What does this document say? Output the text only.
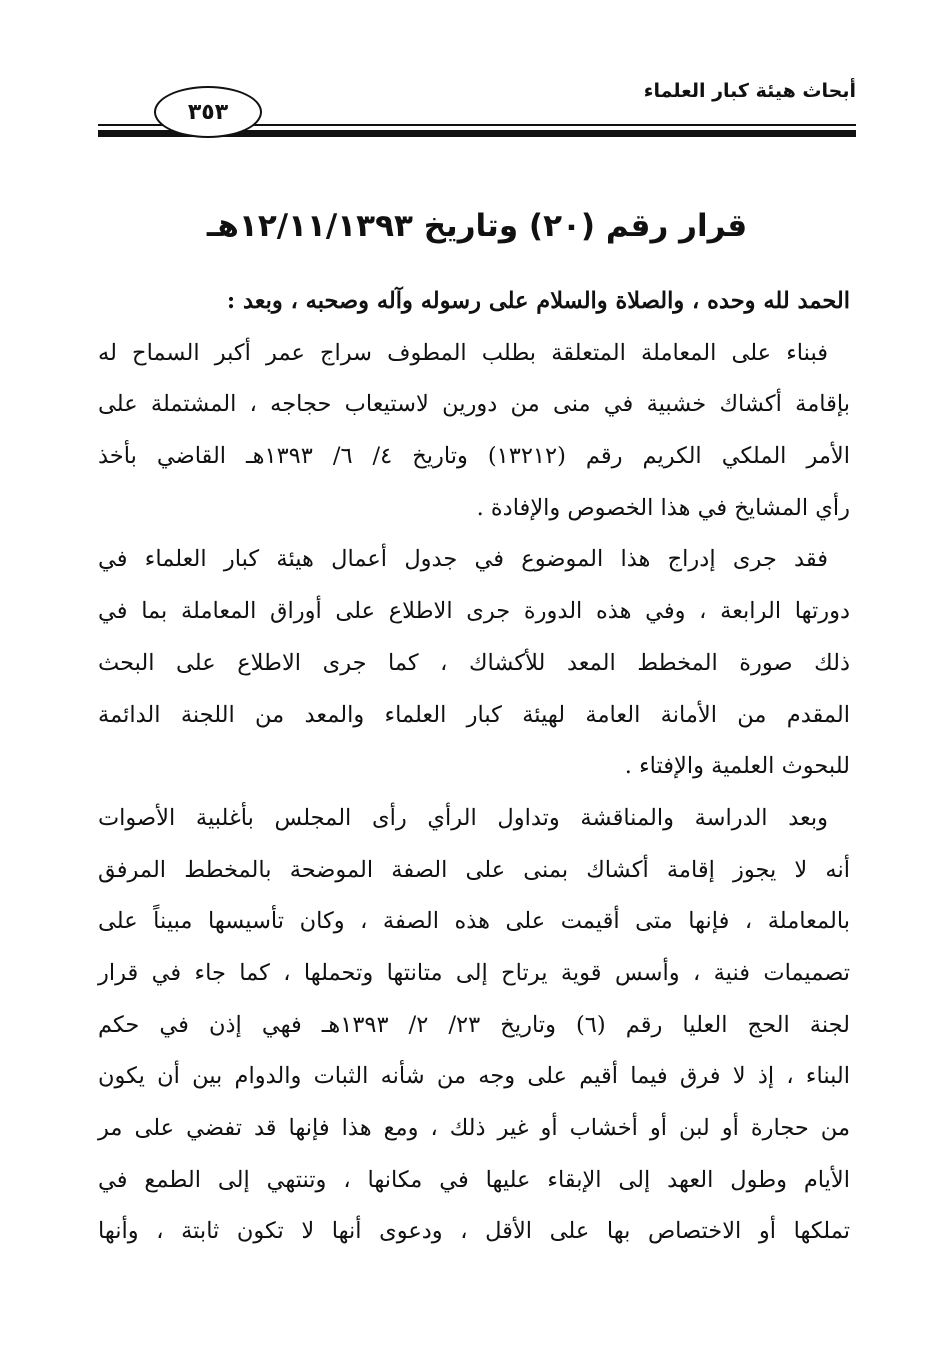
أبحاث هيئة كبار العلماء
٣٥٣
قرار رقم (٢٠) وتاريخ ١٢/١١/١٣٩٣هـ
الحمد لله وحده ، والصلاة والسلام على رسوله وآله وصحبه ، وبعد :
فبناء على المعاملة المتعلقة بطلب المطوف سراج عمر أكبر السماح له
بإقامة أكشاك خشبية في منى من دورين لاستيعاب حجاجه ، المشتملة على
الأمر الملكي الكريم رقم (١٣٢١٢) وتاريخ ٤/ ٦/ ١٣٩٣هـ القاضي بأخذ
رأي المشايخ في هذا الخصوص والإفادة .
فقد جرى إدراج هذا الموضوع في جدول أعمال هيئة كبار العلماء في
دورتها الرابعة ، وفي هذه الدورة جرى الاطلاع على أوراق المعاملة بما في
ذلك صورة المخطط المعد للأكشاك ، كما جرى الاطلاع على البحث
المقدم من الأمانة العامة لهيئة كبار العلماء والمعد من اللجنة الدائمة
للبحوث العلمية والإفتاء .
وبعد الدراسة والمناقشة وتداول الرأي رأى المجلس بأغلبية الأصوات
أنه لا يجوز إقامة أكشاك بمنى على الصفة الموضحة بالمخطط المرفق
بالمعاملة ، فإنها متى أقيمت على هذه الصفة ، وكان تأسيسها مبيناً على
تصميمات فنية ، وأسس قوية يرتاح إلى متانتها وتحملها ، كما جاء في قرار
لجنة الحج العليا رقم (٦) وتاريخ ٢٣/ ٢/ ١٣٩٣هـ فهي إذن في حكم
البناء ، إذ لا فرق فيما أقيم على وجه من شأنه الثبات والدوام بين أن يكون
من حجارة أو لبن أو أخشاب أو غير ذلك ، ومع هذا فإنها قد تفضي على مر
الأيام وطول العهد إلى الإبقاء عليها في مكانها ، وتنتهي إلى الطمع في
تملكها أو الاختصاص بها على الأقل ، ودعوى أنها لا تكون ثابتة ، وأنها
